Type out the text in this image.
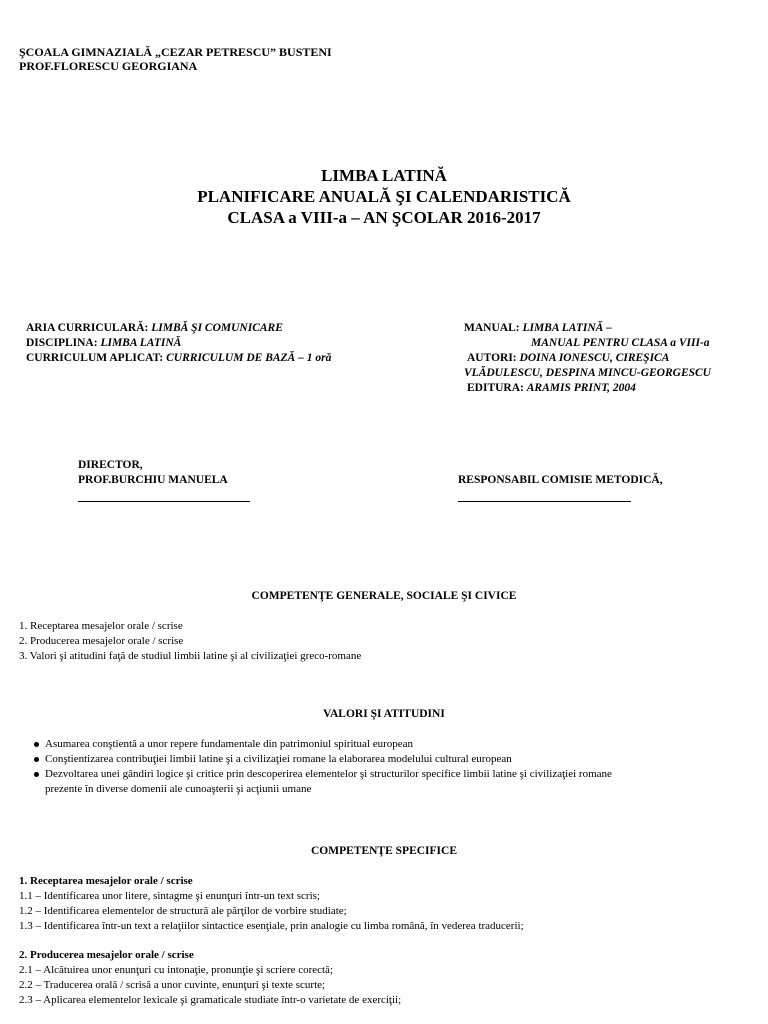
ŞCOALA GIMNAZIALĂ „CEZAR PETRESCU” BUSTENI
PROF.FLORESCU GEORGIANA
LIMBA LATINĂ
PLANIFICARE ANUALĂ ŞI CALENDARISTICĂ
CLASA a VIII-a – AN ŞCOLAR 2016-2017
ARIA CURRICULARĂ: LIMBĂ ŞI COMUNICARE
DISCIPLINA: LIMBA LATINĂ
CURRICULUM APLICAT: CURRICULUM DE BAZĂ – 1 oră
MANUAL: LIMBA LATINĂ –
MANUAL PENTRU CLASA a VIII-a
AUTORI: DOINA IONESCU, CIREŞICA
VLĂDULESCU, DESPINA MINCU-GEORGESCU
EDITURA: ARAMIS PRINT, 2004
DIRECTOR,
PROF.BURCHIU MANUELA	RESPONSABIL COMISIE METODICĂ,
COMPETENŢE GENERALE, SOCIALE ŞI CIVICE
1. Receptarea mesajelor orale / scrise
2. Producerea mesajelor orale / scrise
3. Valori şi atitudini faţă de studiul limbii latine şi al civilizaţiei greco-romane
VALORI ŞI ATITUDINI
Asumarea conştientă a unor repere fundamentale din patrimoniul spiritual european
Conştientizarea contribuţiei limbii latine şi a civilizaţiei romane la elaborarea modelului cultural european
Dezvoltarea unei gândiri logice şi critice prin descoperirea elementelor şi structurilor specifice limbii latine şi civilizaţiei romane
prezente în diverse domenii ale cunoaşterii şi acţiunii umane
COMPETENŢE SPECIFICE
1. Receptarea mesajelor orale / scrise
1.1 – Identificarea unor litere, sintagme şi enunţuri într-un text scris;
1.2 – Identificarea elementelor de structură ale părţilor de vorbire studiate;
1.3 – Identificarea într-un text a relaţiilor sintactice esenţiale, prin analogie cu limba română, în vederea traducerii;
2. Producerea mesajelor orale / scrise
2.1 – Alcătuirea unor enunţuri cu intonaţie, pronunţie şi scriere corectă;
2.2 – Traducerea orală / scrisă a unor cuvinte, enunţuri şi texte scurte;
2.3 – Aplicarea elementelor lexicale şi gramaticale studiate într-o varietate de exerciţii;
